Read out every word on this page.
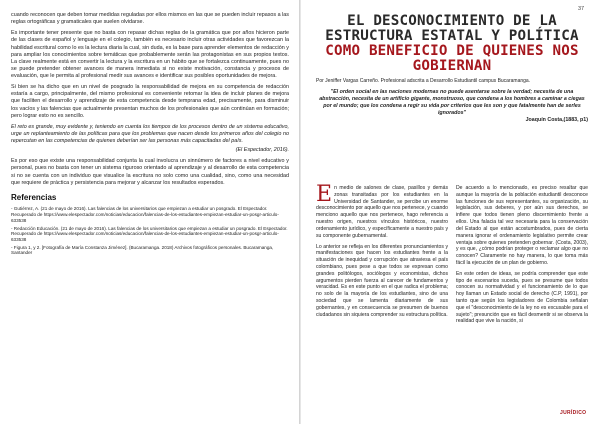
cuando reconocen que deben tomar medidas reguladas por ellos mismos en las que se pueden incluir repasos a las reglas ortográficas y gramaticales que suelen olvidarse.

Es importante tener presente que no basta con repasar dichas reglas de la gramática que por años hicieron parte de las clases de español y lenguaje en el colegio, también es necesario incluir otras actividades que favorezcan la habilidad escritural como lo es la lectura diaria la cual, sin duda, es la base para aprender elementos de redacción y para ampliar los conocimientos sobre temáticas que probablemente serán las protagonistas en sus propios textos. La clave realmente está en convertir la lectura y la escritura en un hábito que se fortalezca continuamente, pues no se puede pretender obtener avances de manera inmediata si no existe motivación, constancia y procesos de evaluación, que le permita al profesional medir sus avances e identificar sus posibles oportunidades de mejora.

Si bien se ha dicho que en un nivel de posgrado la responsabilidad de mejora en su competencia de redacción estaría a cargo, principalmente, del mismo profesional es conveniente retomar la idea de incluir planes de mejora que faciliten el desarrollo y aprendizaje de esta competencia desde temprana edad, precisamente, para disminuir los vacíos y las falencias que actualmente presentan muchos de los profesionales que aún continúan en formación; pero lograr esto no es sencillo.

El reto es grande, muy evidente y, teniendo en cuenta los tiempos de los procesos dentro de un sistema educativo, urge un replanteamiento de las políticas para que los problemas que nacen desde los primeros años del colegio no repercutan en las competencias de quienes deberían ser las personas más capacitadas del país.

(El Espectador, 2016).

Es por eso que existe una responsabilidad conjunta la cual involucra un sinnúmero de factores a nivel educativo y personal, pues no basta con tener un sistema riguroso orientado al aprendizaje y al desarrollo de esta competencia si no se cuenta con un individuo que visualice la escritura no solo como una cualidad, sino, como una necesidad que requiere de práctica y persistencia para mejorar y alcanzar los resultados esperados.

Referencias

- Gutiérrez, A. (21 de mayo de 2016). Las falencias de los universitarios que empiezan a estudiar un posgrado. El Espectador. Recuperado de https://www.elespectador.com/noticias/educacion/falencias-de-los-estudiantes-empiezan-estudiar-un-posgr-articulo-633538

- Redacción Educación. (21 de mayo de 2016). Las falencias de los universitarios que empiezan a estudiar un posgrado. El Espectador. Recuperado de https://www.elespectador.com/noticias/educacion/falencias-de-los-estudiantes-empiezan-estudiar-un-posgr-articulo-633538

- Figura 1, y 2. [Fotografía de María Constanza Jiménez]. (Bucaramanga. 2018) Archivos fotográficos personales. Bucaramanga, Santander

37
EL DESCONOCIMIENTO DE LA
ESTRUCTURA ESTATAL Y POLÍTICA
COMO BENEFICIO DE QUIENES NOS
GOBIERNAN
Por Jeniffer Vargas Carreño. Profesional adscrita a Desarrollo Estudiantil campus Bucaramanga.
"El orden social en las naciones modernas no puede asentarse sobre la verdad; necesita de una abstracción, necesita de un artificio gigante, monstruoso, que condena a los hombres a caminar a ciegas por el mundo; que los condena a regir su vida por criterios que les son y que fatalmente han de serles ignorados"
Joaquín Costa,(1883, p1)

En medio de salones de clase, pasillos y demás zonas transitadas por los estudiantes en la Universidad de Santander, se percibe un enorme desconocimiento por aquello que nos pertenece, y cuando menciono aquello que nos pertenece, hago referencia a nuestro origen, nuestros vínculos históricos, nuestro ordenamiento jurídico, y específicamente a nuestro país y su componente gubernamental.

Lo anterior se refleja en los diferentes pronunciamientos y manifestaciones que hacen los estudiantes frente a la situación de inequidad y corrupción que atraviesa el país colombiano, pues pese a que todos se expresan como grandes politólogos, sociólogos y economistas, dichos argumentos pierden fuerza al carecer de fundamentos y veracidad. Es en este punto en el que radica el problema; no solo de la mayoría de los estudiantes, sino de una sociedad que se lamenta diariamente de sus gobernantes, y en consecuencia se presumen de buenos ciudadanos sin siquiera comprender su estructura política.

De acuerdo a lo mencionado, es preciso resaltar que aunque la mayoría de la población estudiantil desconoce las funciones de sus representantes, su organización, su legislación, sus deberes, y por aún sus derechos, se infiere que todos tienen pleno discernimiento frente a ellos. Una falacia tal vez necesaria para la conservación del Estado al que están acostumbrados, pues de cierta manera ignorar el ordenamiento legislativo permite crear ventaja sobre quienes pretenden gobernar. (Costa, 2003), y es que, ¿cómo podrían proteger o reclamar algo que no conocen? Claramente no hay manera, lo que toma más fácil la ejecución de un plan de gobierno.

En este orden de ideas, se podría comprender que este tipo de escenarios suceda, pues se presume que todos conocen su normatividad y el funcionamiento de lo que hoy llaman un Estado social de derecho (C.P, 1991), por tanto que según los legisladores de Colombia señalan que el "desconocimiento de la ley no es excusable para el sujeto"; presunción que es fácil desmentir si se observa la realidad que vive la nación, si

JURÍDICO
